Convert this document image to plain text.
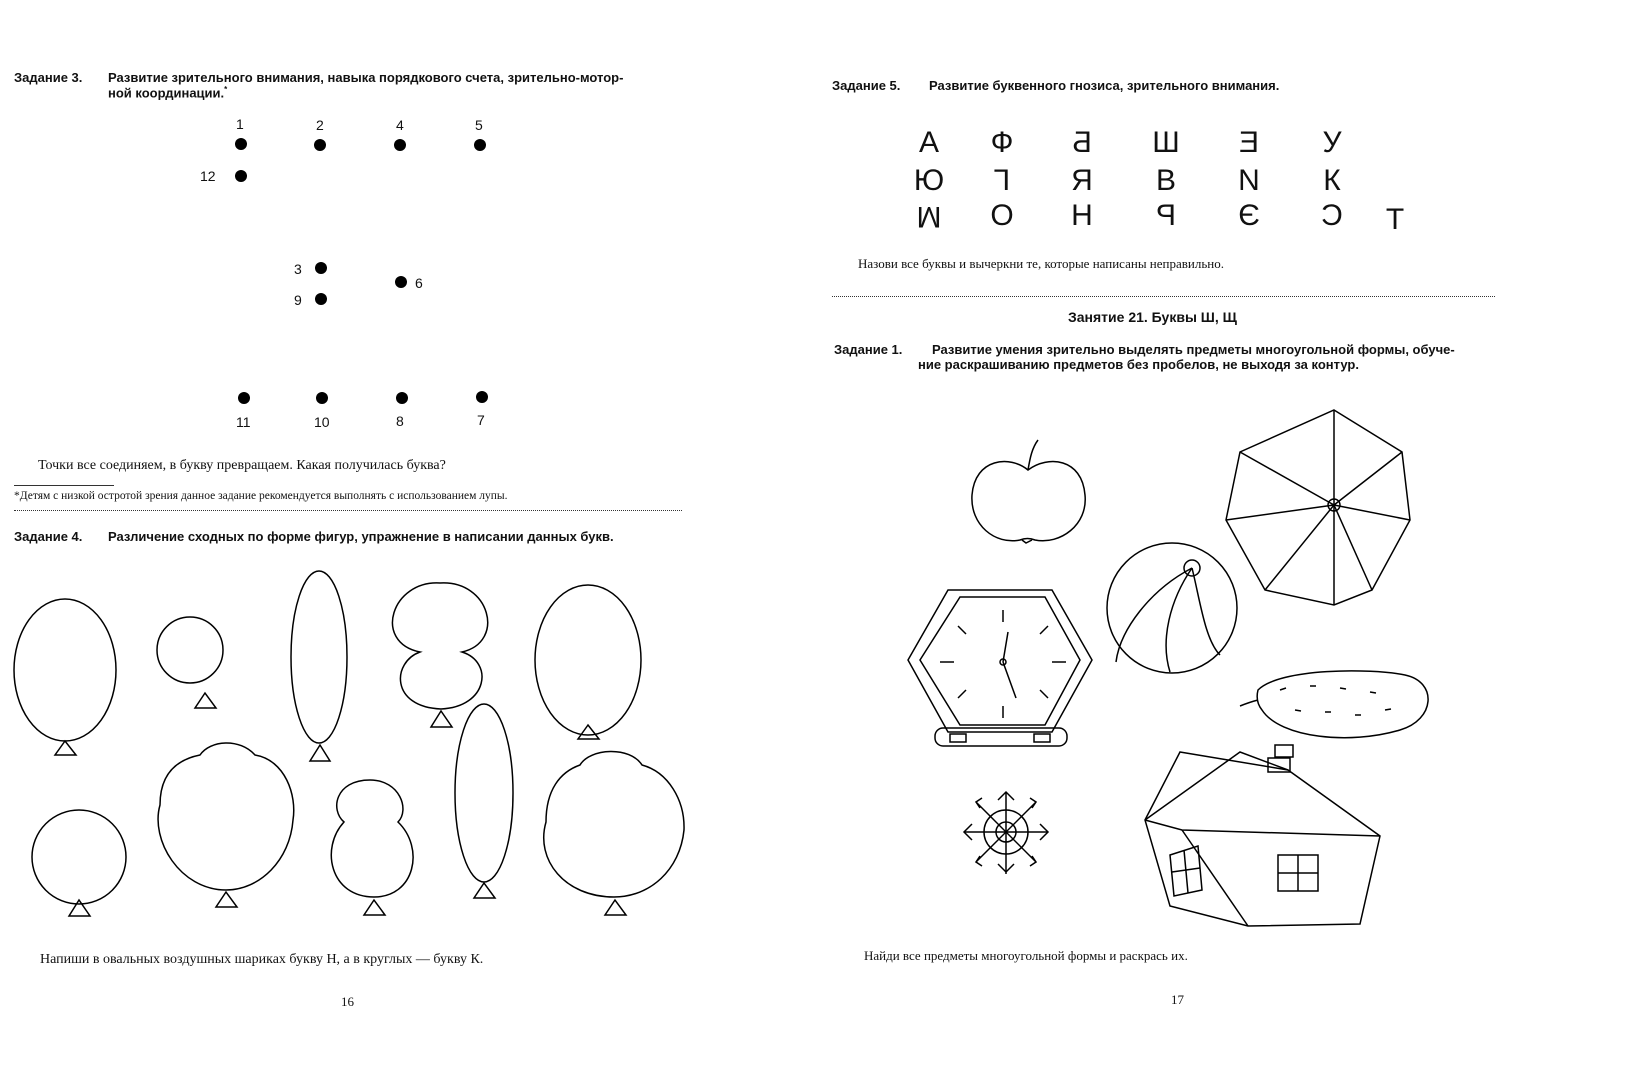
Задание 3. Развитие зрительного внимания, навыка порядкового счета, зрительно-мотор-
ной координации.*
1	2	4	5
12
3
9
6
11	10	8	7
Точки все соединяем, в букву превращаем. Какая получилась буква?
*Детям с низкой остротой зрения данное задание рекомендуется выполнять с использованием лупы.
Задание 4. Различение сходных по форме фигур, упражнение в написании данных букв.
Напиши в овальных воздушных шариках букву Н, а в круглых — букву К.
16
Задание 5. Развитие буквенного гнозиса, зрительного внимания.
А	Ф	Б	Ш	Е	У
Ю	Г	Я	В	N	К
М	О	Н	Р	Є	С	Т
Назови все буквы и вычеркни те, которые написаны неправильно.
Занятие 21. Буквы Ш, Щ
Задание 1. Развитие умения зрительно выделять предметы многоугольной формы, обуче-
ние раскрашиванию предметов без пробелов, не выходя за контур.
Найди все предметы многоугольной формы и раскрась их.
17
